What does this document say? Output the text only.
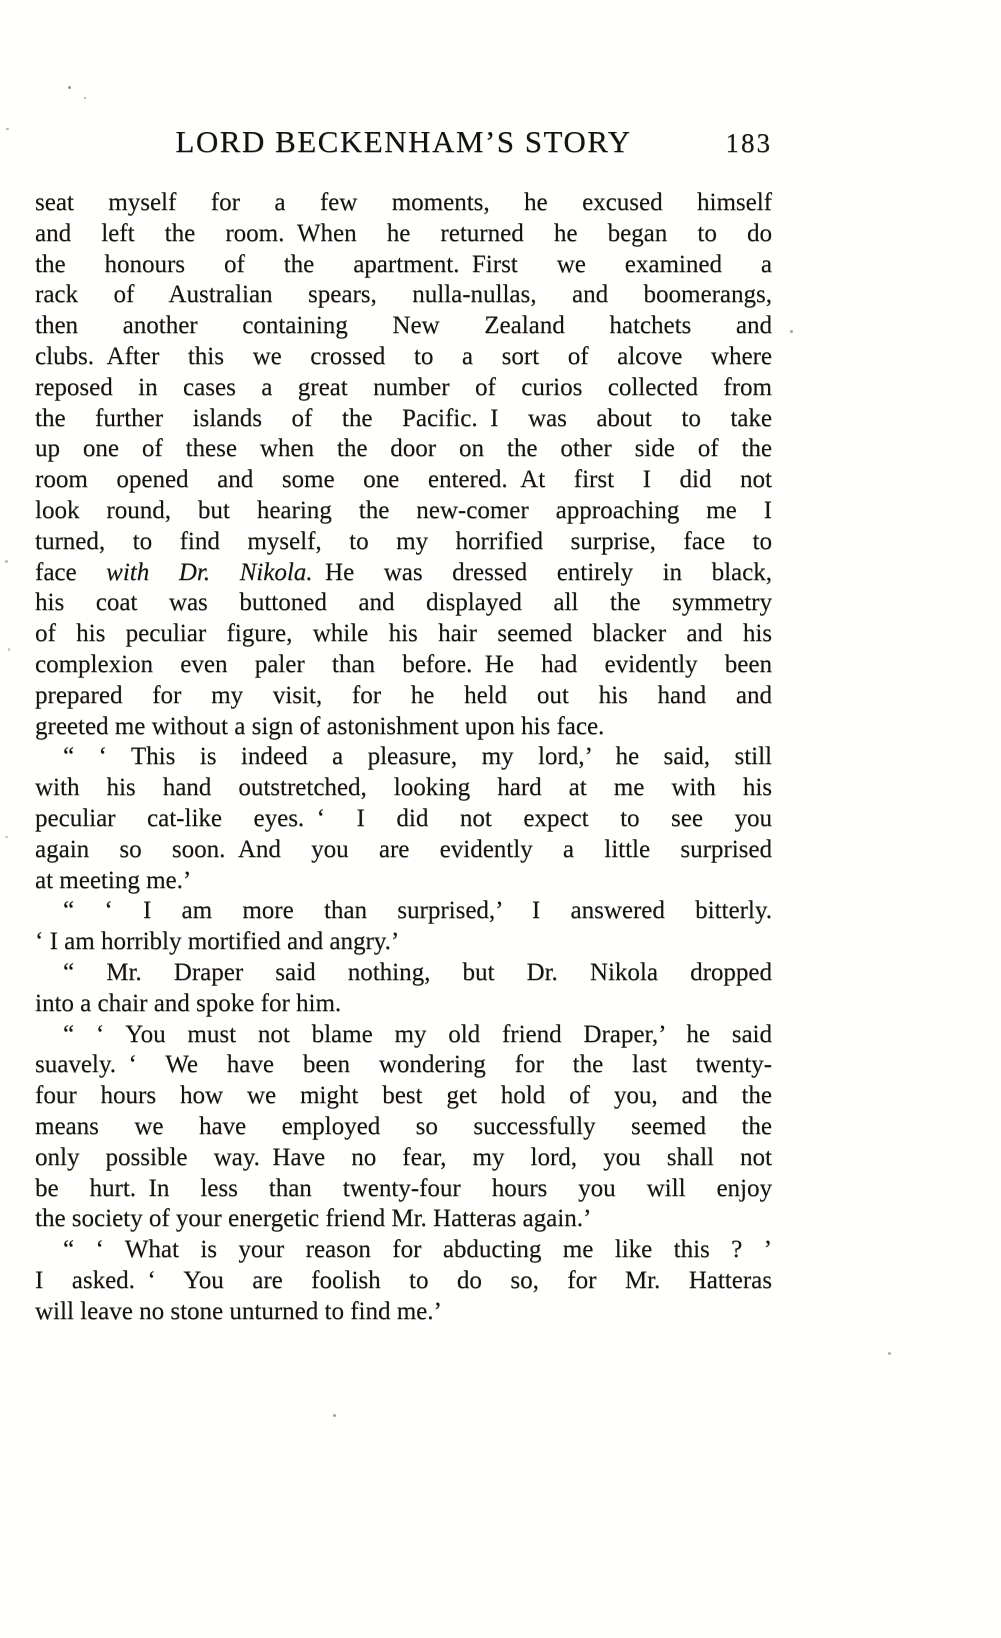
LORD BECKENHAM’S STORY	183
seat myself for a few moments, he excused himself
and left the room. When he returned he began to do
the honours of the apartment. First we examined a
rack of Australian spears, nulla-nullas, and boomerangs,
then another containing New Zealand hatchets and
clubs. After this we crossed to a sort of alcove where
reposed in cases a great number of curios collected from
the further islands of the Pacific. I was about to take
up one of these when the door on the other side of the
room opened and some one entered. At first I did not
look round, but hearing the new-comer approaching me I
turned, to find myself, to my horrified surprise, face to
face with Dr. Nikola. He was dressed entirely in black,
his coat was buttoned and displayed all the symmetry
of his peculiar figure, while his hair seemed blacker and his
complexion even paler than before. He had evidently been
prepared for my visit, for he held out his hand and
greeted me without a sign of astonishment upon his face.
“ ‘ This is indeed a pleasure, my lord,’ he said, still
with his hand outstretched, looking hard at me with his
peculiar cat-like eyes. ‘ I did not expect to see you
again so soon. And you are evidently a little surprised
at meeting me.’
“ ‘ I am more than surprised,’ I answered bitterly.
‘ I am horribly mortified and angry.’
“ Mr. Draper said nothing, but Dr. Nikola dropped
into a chair and spoke for him.
“ ‘ You must not blame my old friend Draper,’ he said
suavely. ‘ We have been wondering for the last twenty-
four hours how we might best get hold of you, and the
means we have employed so successfully seemed the
only possible way. Have no fear, my lord, you shall not
be hurt. In less than twenty-four hours you will enjoy
the society of your energetic friend Mr. Hatteras again.’
“ ‘ What is your reason for abducting me like this ? ’
I asked. ‘ You are foolish to do so, for Mr. Hatteras
will leave no stone unturned to find me.’
